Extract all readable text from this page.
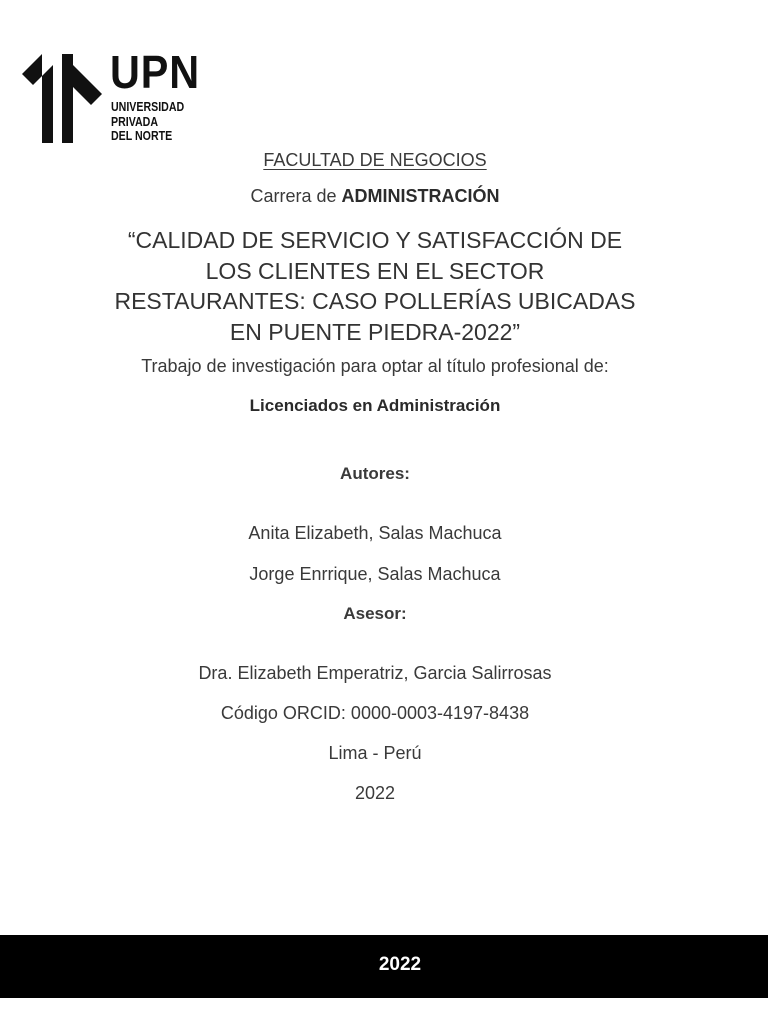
UPN
UNIVERSIDAD
PRIVADA
DEL NORTE
FACULTAD DE NEGOCIOS
Carrera de ADMINISTRACIÓN
“CALIDAD DE SERVICIO Y SATISFACCIÓN DE
LOS CLIENTES EN EL SECTOR
RESTAURANTES: CASO POLLERÍAS UBICADAS
EN PUENTE PIEDRA-2022”
Trabajo de investigación para optar al título profesional de:
Licenciados en Administración
Autores:
Anita Elizabeth, Salas Machuca
Jorge Enrrique, Salas Machuca
Asesor:
Dra. Elizabeth Emperatriz, Garcia Salirrosas
Código ORCID: 0000-0003-4197-8438
Lima - Perú
2022
2022
